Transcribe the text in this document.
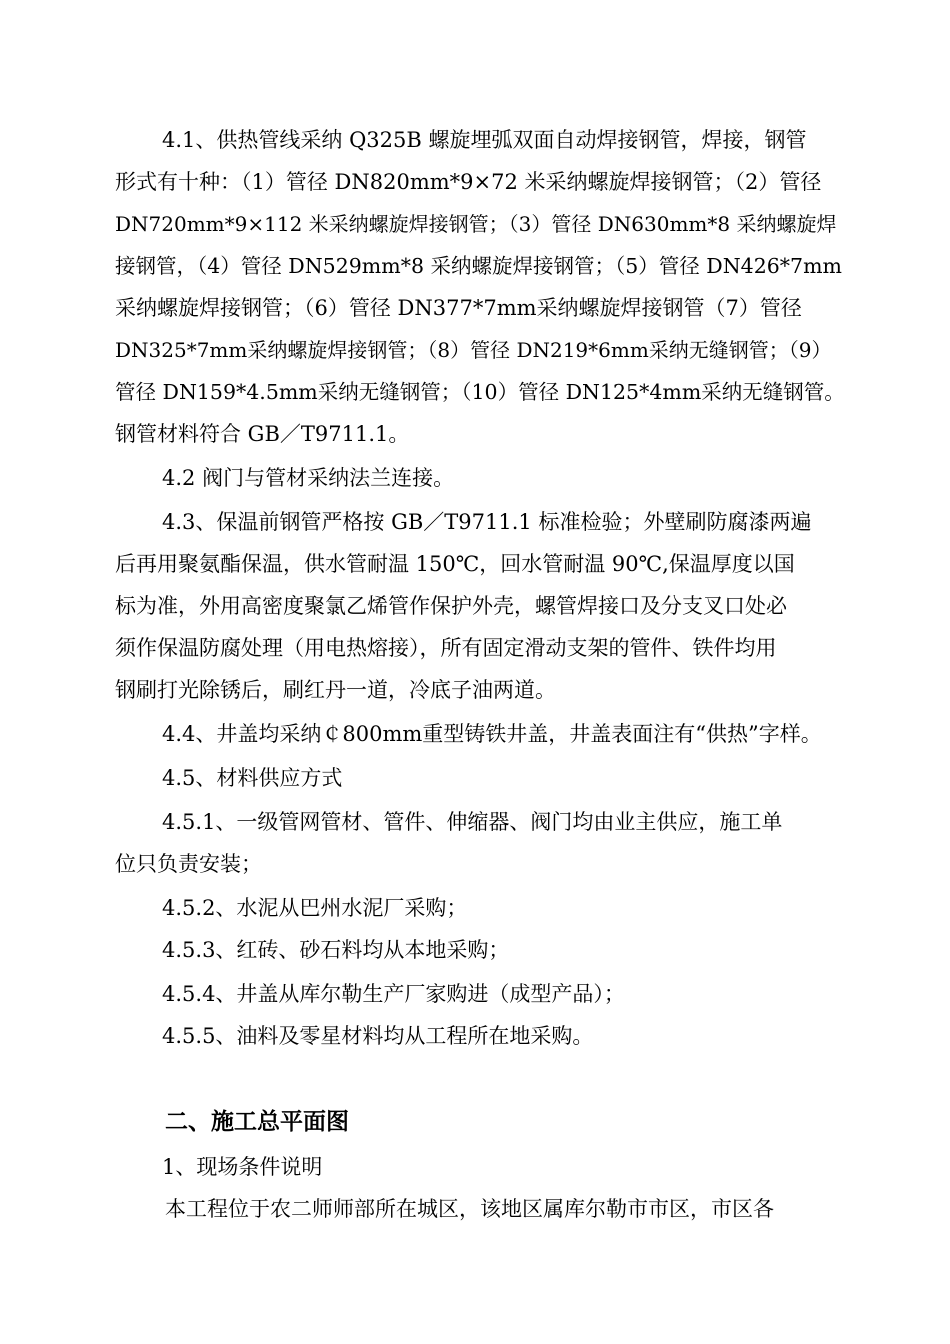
4.1、供热管线采纳 Q325B 螺旋埋弧双面自动焊接钢管，焊接，钢管

形式有十种：（1）管径 DN820mm*9×72 米采纳螺旋焊接钢管；（2）管径

DN720mm*9×112 米采纳螺旋焊接钢管；（3）管径 DN630mm*8 采纳螺旋焊

接钢管，（4）管径 DN529mm*8 采纳螺旋焊接钢管；（5）管径 DN426*7mm

采纳螺旋焊接钢管；（6）管径 DN377*7mm采纳螺旋焊接钢管（7）管径

DN325*7mm采纳螺旋焊接钢管；（8）管径 DN219*6mm采纳无缝钢管；（9）

管径 DN159*4.5mm采纳无缝钢管；（10）管径 DN125*4mm采纳无缝钢管。

钢管材料符合 GB／T9711.1。

4.2 阀门与管材采纳法兰连接。

4.3、保温前钢管严格按 GB／T9711.1 标准检验；外壁刷防腐漆两遍

后再用聚氨酯保温，供水管耐温 150℃，回水管耐温 90℃,保温厚度以国

标为准，外用高密度聚氯乙烯管作保护外壳，螺管焊接口及分支叉口处必

须作保温防腐处理（用电热熔接），所有固定滑动支架的管件、铁件均用

钢刷打光除锈后，刷红丹一道，冷底子油两道。

4.4、井盖均采纳￠800mm重型铸铁井盖，井盖表面注有“供热”字样。

4.5、材料供应方式

4.5.1、一级管网管材、管件、伸缩器、阀门均由业主供应，施工单

位只负责安装；

4.5.2、水泥从巴州水泥厂采购；

4.5.3、红砖、砂石料均从本地采购；

4.5.4、井盖从库尔勒生产厂家购进（成型产品）；

4.5.5、油料及零星材料均从工程所在地采购。

二、施工总平面图

1、现场条件说明

本工程位于农二师师部所在城区，该地区属库尔勒市市区，市区各
